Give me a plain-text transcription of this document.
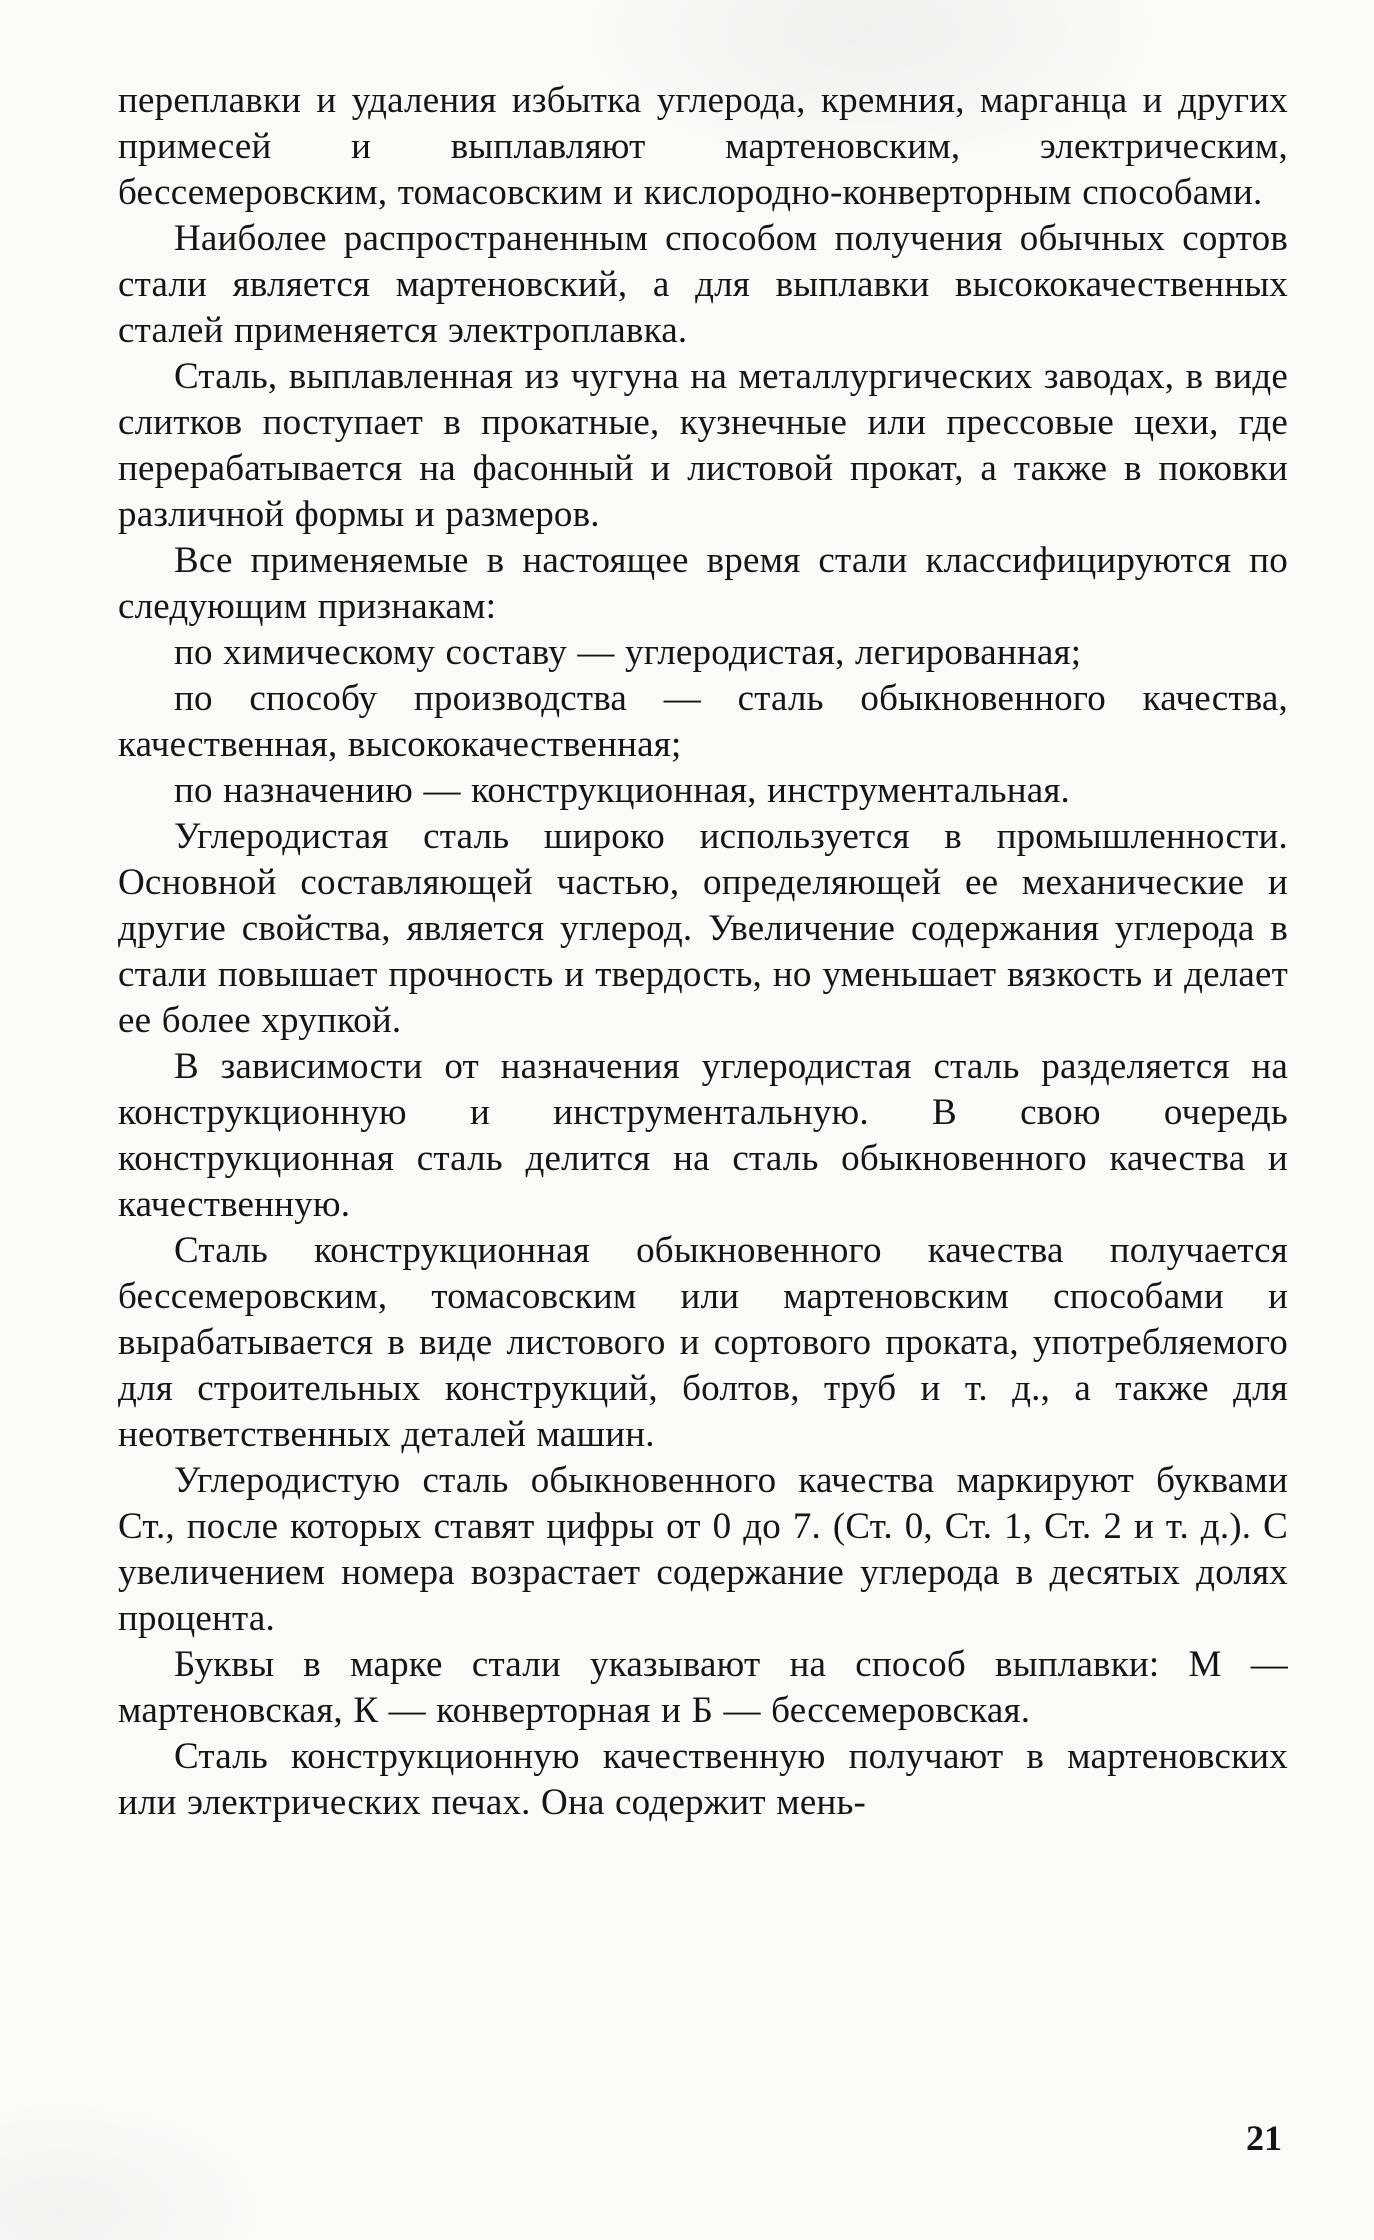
переплавки и удаления избытка углерода, кремния, марганца и других примесей и выплавляют мартеновским, электрическим, бессемеровским, томасовским и кислородно-конверторным способами.

Наиболее распространенным способом получения обычных сортов стали является мартеновский, а для выплавки высококачественных сталей применяется электроплавка.

Сталь, выплавленная из чугуна на металлургических заводах, в виде слитков поступает в прокатные, кузнечные или прессовые цехи, где перерабатывается на фасонный и листовой прокат, а также в поковки различной формы и размеров.

Все применяемые в настоящее время стали классифицируются по следующим признакам:

по химическому составу — углеродистая, легированная;

по способу производства — сталь обыкновенного качества, качественная, высококачественная;

по назначению — конструкционная, инструментальная.

Углеродистая сталь широко используется в промышленности. Основной составляющей частью, определяющей ее механические и другие свойства, является углерод. Увеличение содержания углерода в стали повышает прочность и твердость, но уменьшает вязкость и делает ее более хрупкой.

В зависимости от назначения углеродистая сталь разделяется на конструкционную и инструментальную. В свою очередь конструкционная сталь делится на сталь обыкновенного качества и качественную.

Сталь конструкционная обыкновенного качества получается бессемеровским, томасовским или мартеновским способами и вырабатывается в виде листового и сортового проката, употребляемого для строительных конструкций, болтов, труб и т. д., а также для неответственных деталей машин.

Углеродистую сталь обыкновенного качества маркируют буквами Ст., после которых ставят цифры от 0 до 7. (Ст. 0, Ст. 1, Ст. 2 и т. д.). С увеличением номера возрастает содержание углерода в десятых долях процента.

Буквы в марке стали указывают на способ выплавки: М — мартеновская, К — конверторная и Б — бессемеровская.

Сталь конструкционную качественную получают в мартеновских или электрических печах. Она содержит мень-

21
